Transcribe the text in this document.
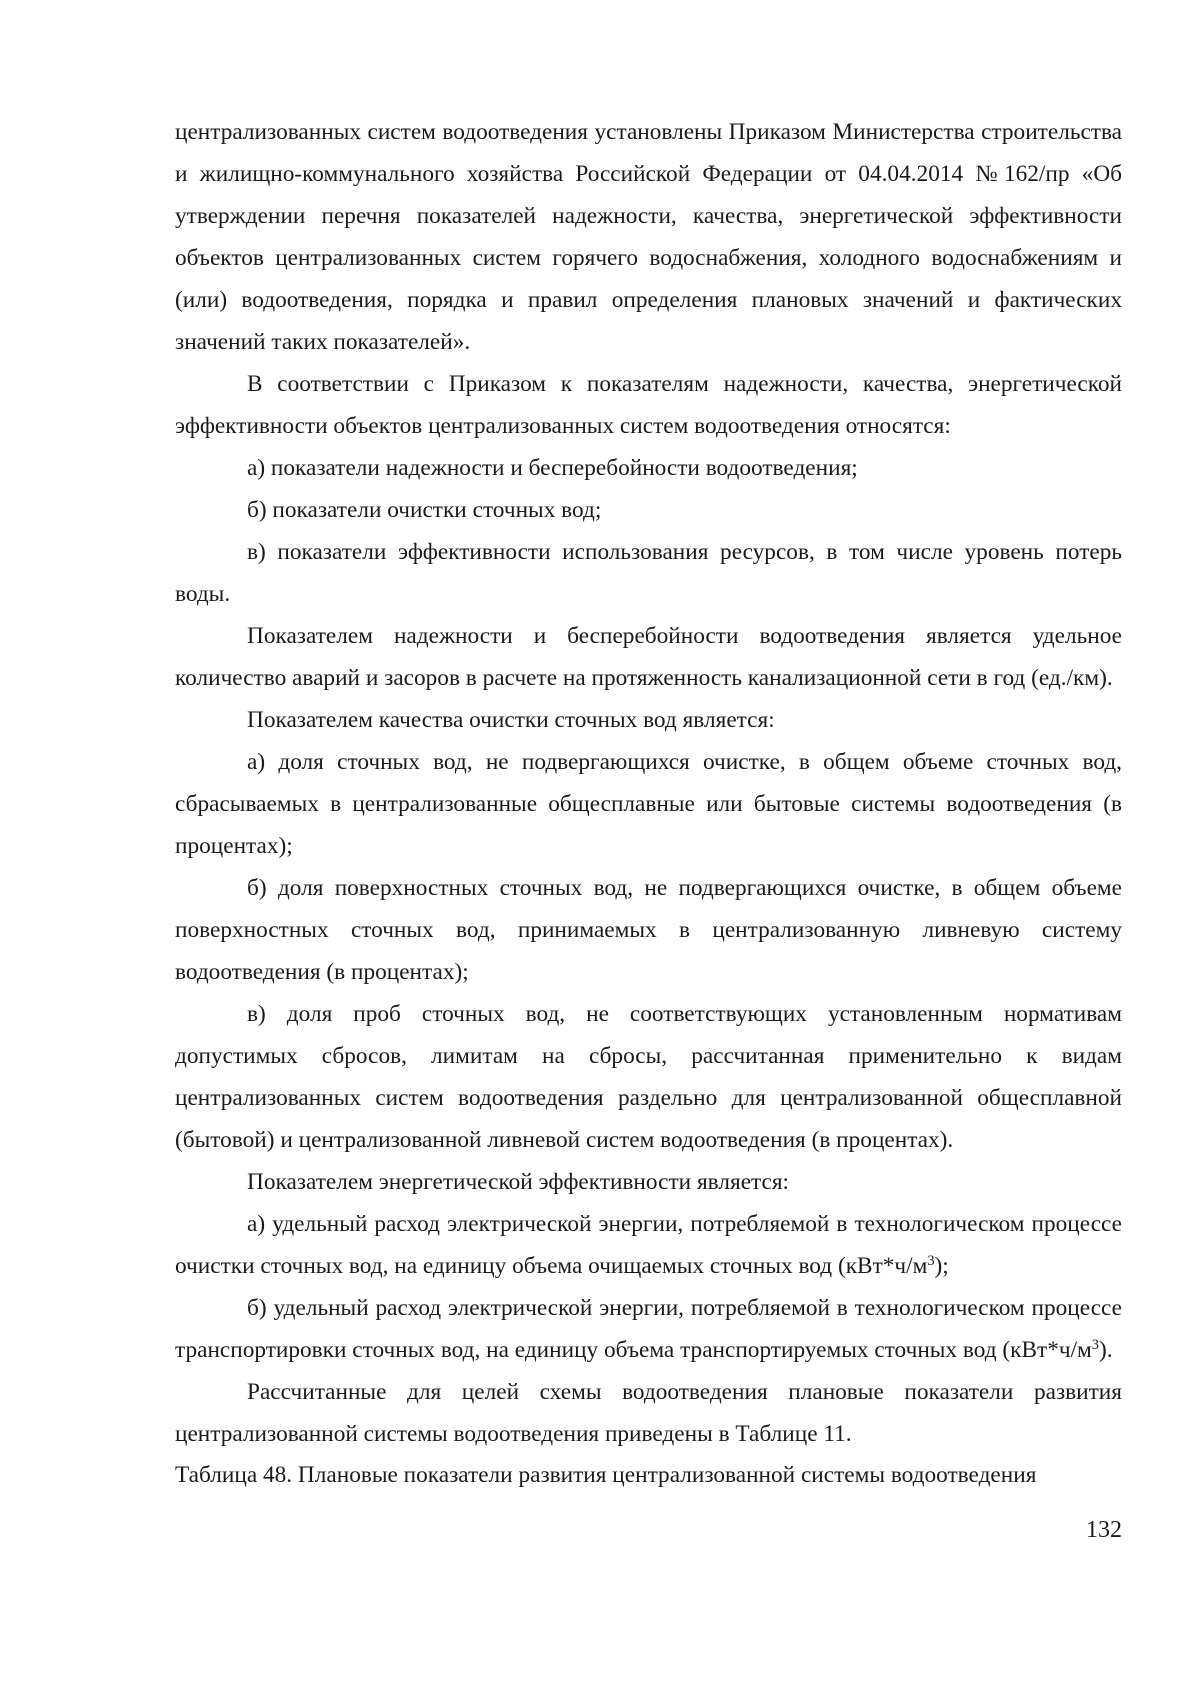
централизованных систем водоотведения установлены Приказом Министерства строительства и жилищно-коммунального хозяйства Российской Федерации от 04.04.2014 №162/пр «Об утверждении перечня показателей надежности, качества, энергетической эффективности объектов централизованных систем горячего водоснабжения, холодного водоснабжениям и (или) водоотведения, порядка и правил определения плановых значений и фактических значений таких показателей».

В соответствии с Приказом к показателям надежности, качества, энергетической эффективности объектов централизованных систем водоотведения относятся:

а) показатели надежности и бесперебойности водоотведения;

б) показатели очистки сточных вод;

в) показатели эффективности использования ресурсов, в том числе уровень потерь воды.

Показателем надежности и бесперебойности водоотведения является удельное количество аварий и засоров в расчете на протяженность канализационной сети в год (ед./км).

Показателем качества очистки сточных вод является:

а) доля сточных вод, не подвергающихся очистке, в общем объеме сточных вод, сбрасываемых в централизованные общесплавные или бытовые системы водоотведения (в процентах);

б) доля поверхностных сточных вод, не подвергающихся очистке, в общем объеме поверхностных сточных вод, принимаемых в централизованную ливневую систему водоотведения (в процентах);

в) доля проб сточных вод, не соответствующих установленным нормативам допустимых сбросов, лимитам на сбросы, рассчитанная применительно к видам централизованных систем водоотведения раздельно для централизованной общесплавной (бытовой) и централизованной ливневой систем водоотведения (в процентах).

Показателем энергетической эффективности является:

а) удельный расход электрической энергии, потребляемой в технологическом процессе очистки сточных вод, на единицу объема очищаемых сточных вод $(кВт*ч/м^3)$;

б) удельный расход электрической энергии, потребляемой в технологическом процессе транспортировки сточных вод, на единицу объема транспортируемых сточных вод $(кВт*ч/м^3)$.

Рассчитанные для целей схемы водоотведения плановые показатели развития централизованной системы водоотведения приведены в Таблице 11.

Таблица 48. Плановые показатели развития централизованной системы водоотведения

132
